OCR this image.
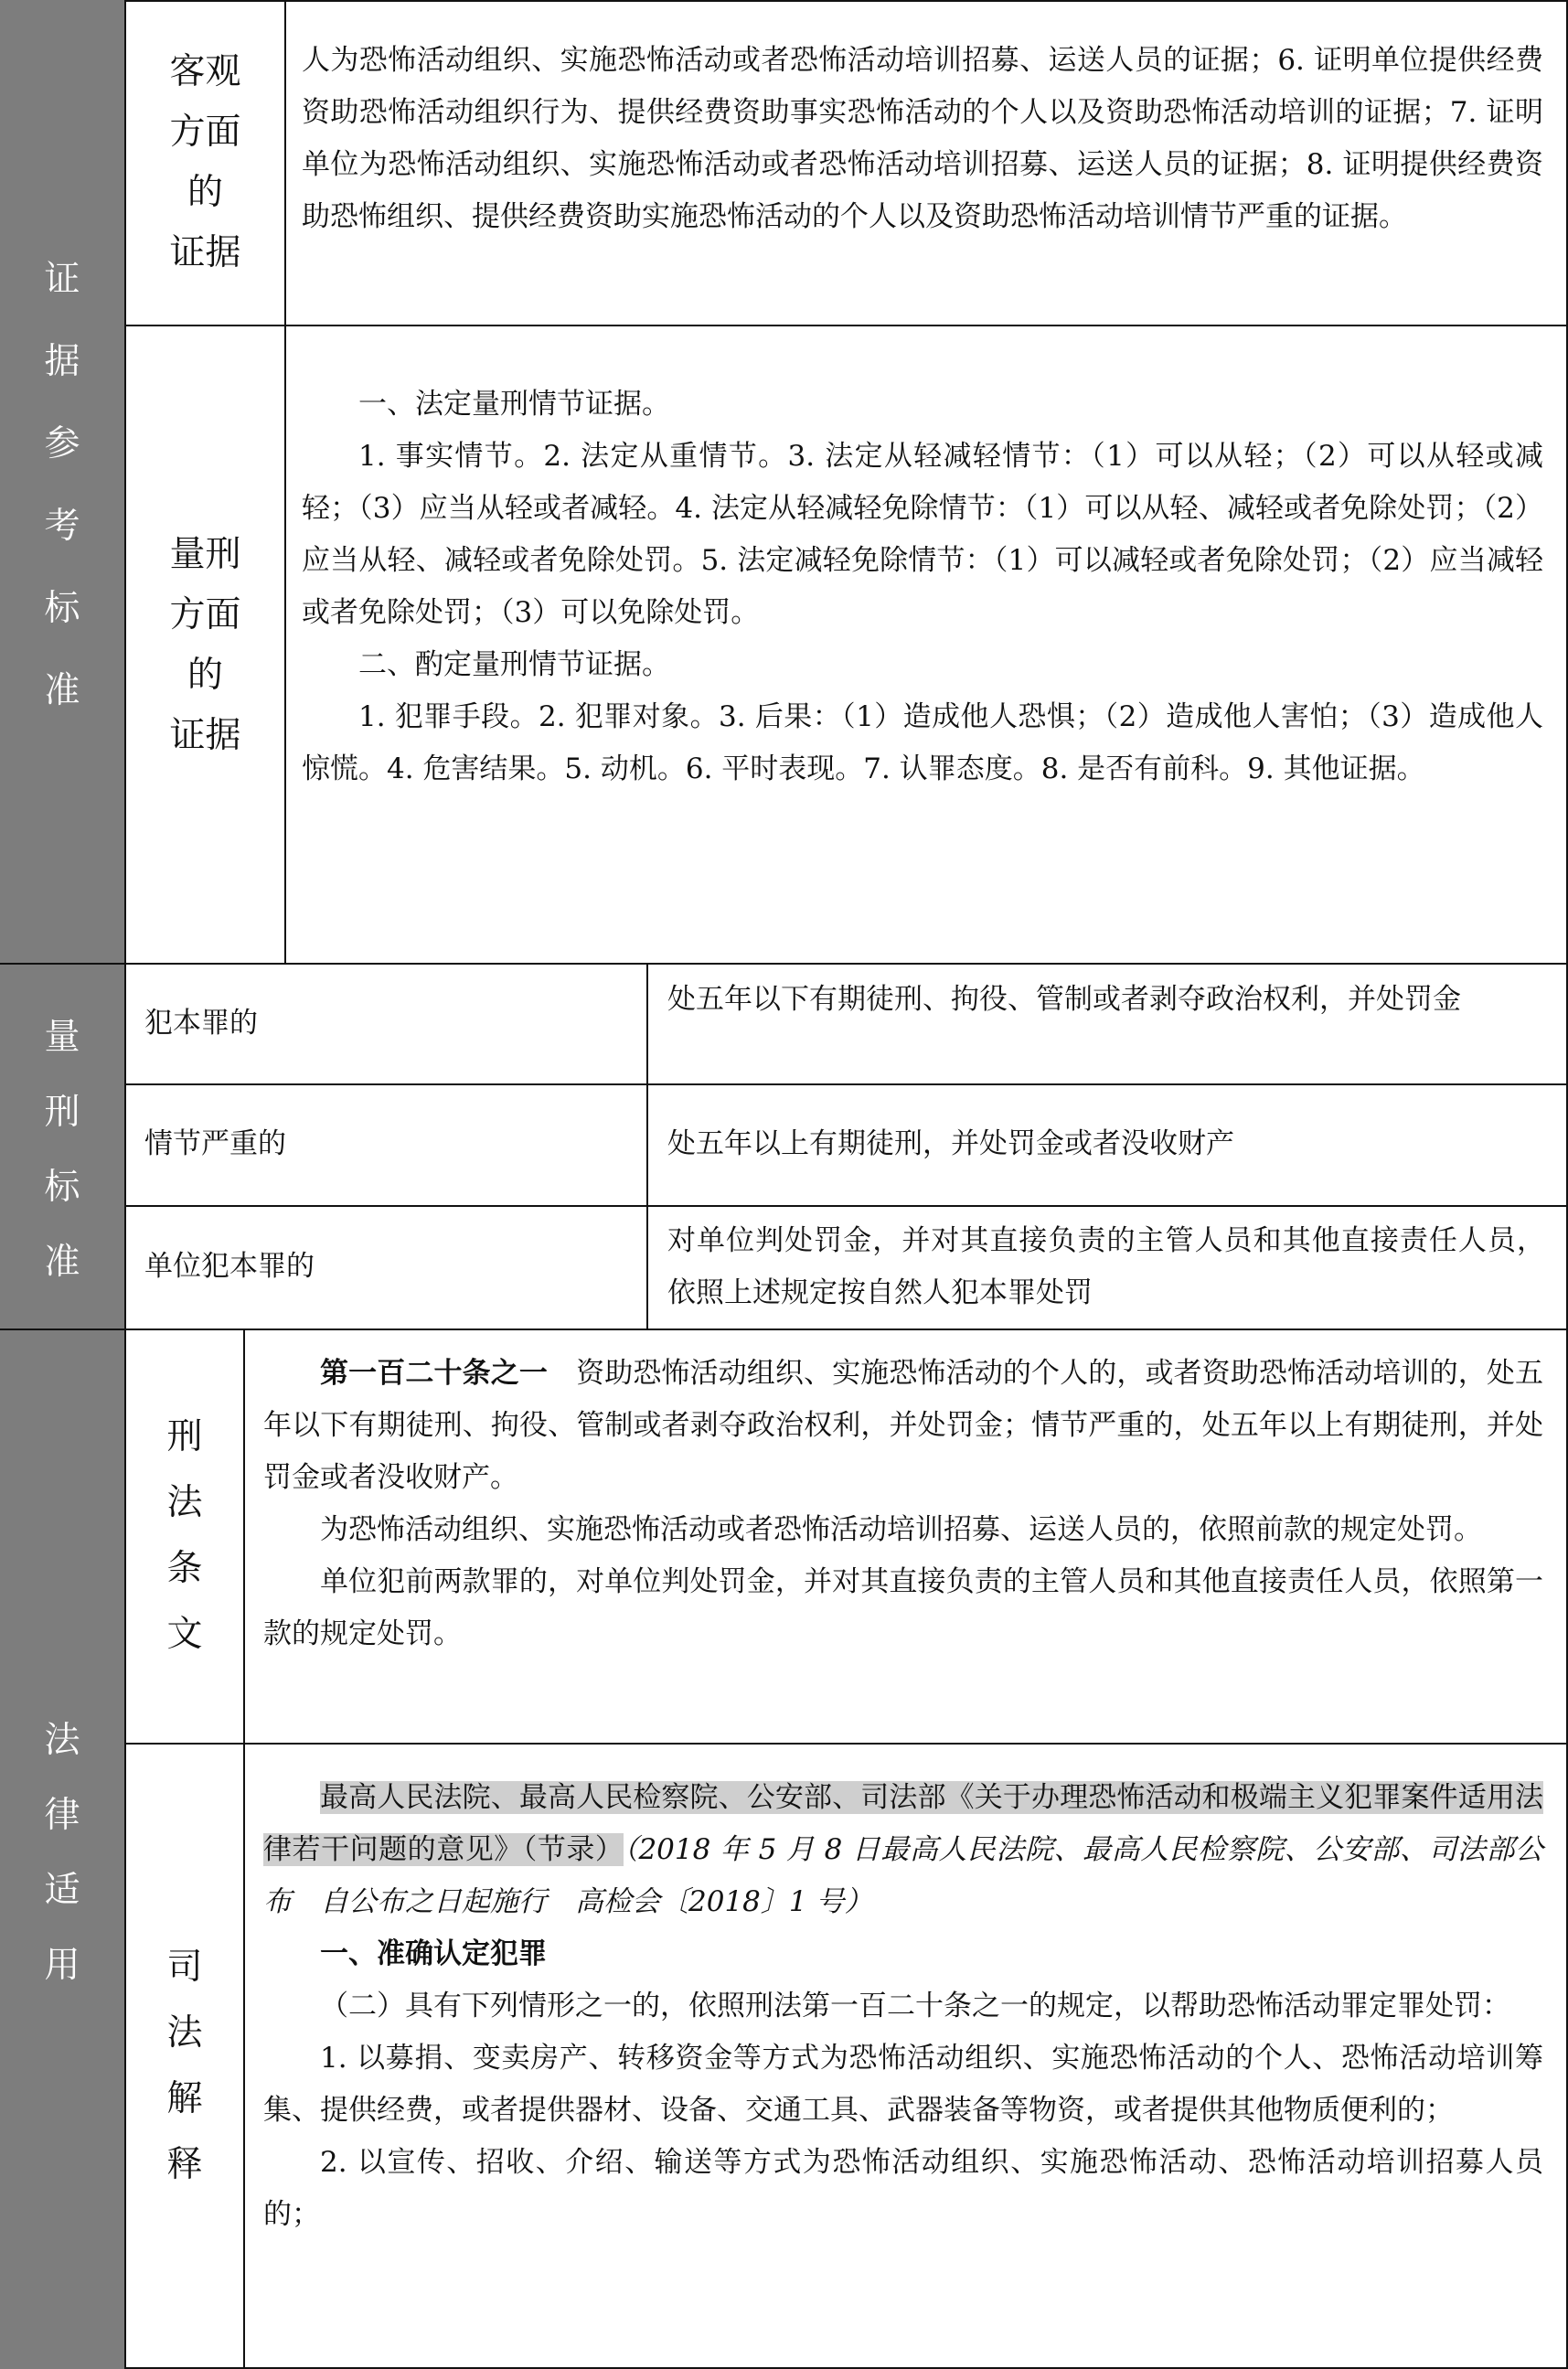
证
据
参
考
标
准
量
刑
标
准
法
律
适
用
客观
方面
的
证据

人为恐怖活动组织、实施恐怖活动或者恐怖活动培训招募、运送人员的证据；6. 证明单位提供经费资助恐怖活动组织行为、提供经费资助事实恐怖活动的个人以及资助恐怖活动培训的证据；7. 证明单位为恐怖活动组织、实施恐怖活动或者恐怖活动培训招募、运送人员的证据；8. 证明提供经费资助恐怖组织、提供经费资助实施恐怖活动的个人以及资助恐怖活动培训情节严重的证据。

量刑
方面
的
证据

一、法定量刑情节证据。

1. 事实情节。2. 法定从重情节。3. 法定从轻减轻情节：（1）可以从轻；（2）可以从轻或减轻；（3）应当从轻或者减轻。4. 法定从轻减轻免除情节：（1）可以从轻、减轻或者免除处罚；（2）应当从轻、减轻或者免除处罚。5. 法定减轻免除情节：（1）可以减轻或者免除处罚；（2）应当减轻或者免除处罚；（3）可以免除处罚。

二、酌定量刑情节证据。

1. 犯罪手段。2. 犯罪对象。3. 后果：（1）造成他人恐惧；（2）造成他人害怕；（3）造成他人惊慌。4. 危害结果。5. 动机。6. 平时表现。7. 认罪态度。8. 是否有前科。9. 其他证据。

犯本罪的
处五年以下有期徒刑、拘役、管制或者剥夺政治权利，并处罚金
情节严重的	处五年以上有期徒刑，并处罚金或者没收财产
单位犯本罪的
对单位判处罚金，并对其直接负责的主管人员和其他直接责任人员，依照上述规定按自然人犯本罪处罚
刑
法
条
文

第一百二十条之一　 资助恐怖活动组织、实施恐怖活动的个人的，或者资助恐怖活动培训的，处五年以下有期徒刑、拘役、管制或者剥夺政治权利，并处罚金；情节严重的，处五年以上有期徒刑，并处罚金或者没收财产。

为恐怖活动组织、实施恐怖活动或者恐怖活动培训招募、运送人员的，依照前款的规定处罚。

单位犯前两款罪的，对单位判处罚金，并对其直接负责的主管人员和其他直接责任人员，依照第一款的规定处罚。

司
法
解
释

最高人民法院、最高人民检察院、公安部、司法部《关于办理恐怖活动和极端主义犯罪案件适用法律若干问题的意见》（节录）（2018 年 5 月 8 日最高人民法院、最高人民检察院、公安部、司法部公布　自公布之日起施行　高检会〔2018〕1 号）

一、准确认定犯罪

（二）具有下列情形之一的，依照刑法第一百二十条之一的规定，以帮助恐怖活动罪定罪处罚：

1. 以募捐、变卖房产、转移资金等方式为恐怖活动组织、实施恐怖活动的个人、恐怖活动培训筹集、提供经费，或者提供器材、设备、交通工具、武器装备等物资，或者提供其他物质便利的；

2. 以宣传、招收、介绍、输送等方式为恐怖活动组织、实施恐怖活动、恐怖活动培训招募人员的；
